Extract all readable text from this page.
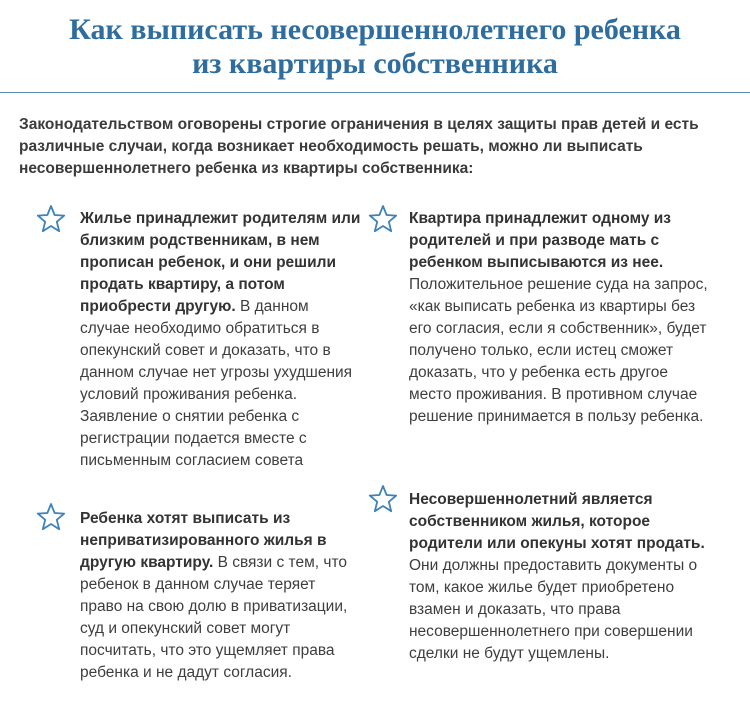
Как выписать несовершеннолетнего ребенка
из квартиры собственника
Законодательством оговорены строгие ограничения в целях защиты прав детей и есть различные случаи, когда возникает необходимость решать, можно ли выписать несовершеннолетнего ребенка из квартиры собственника:
Жилье принадлежит родителям или близким родственникам, в нем прописан ребенок, и они решили продать квартиру, а потом приобрести другую. В данном случае необходимо обратиться в опекунский совет и доказать, что в данном случае нет угрозы ухудшения условий проживания ребенка. Заявление о снятии ребенка с регистрации подается вместе с письменным согласием совета
Ребенка хотят выписать из неприватизированного жилья в другую квартиру. В связи с тем, что ребенок в данном случае теряет право на свою долю в приватизации, суд и опекунский совет могут посчитать, что это ущемляет права ребенка и не дадут согласия.
Квартира принадлежит одному из родителей и при разводе мать с ребенком выписываются из нее. Положительное решение суда на запрос, «как выписать ребенка из квартиры без его согласия, если я собственник», будет получено только, если истец сможет доказать, что у ребенка есть другое место проживания. В противном случае решение принимается в пользу ребенка.
Несовершеннолетний является собственником жилья, которое родители или опекуны хотят продать. Они должны предоставить документы о том, какое жилье будет приобретено взамен и доказать, что права несовершеннолетнего при совершении сделки не будут ущемлены.
